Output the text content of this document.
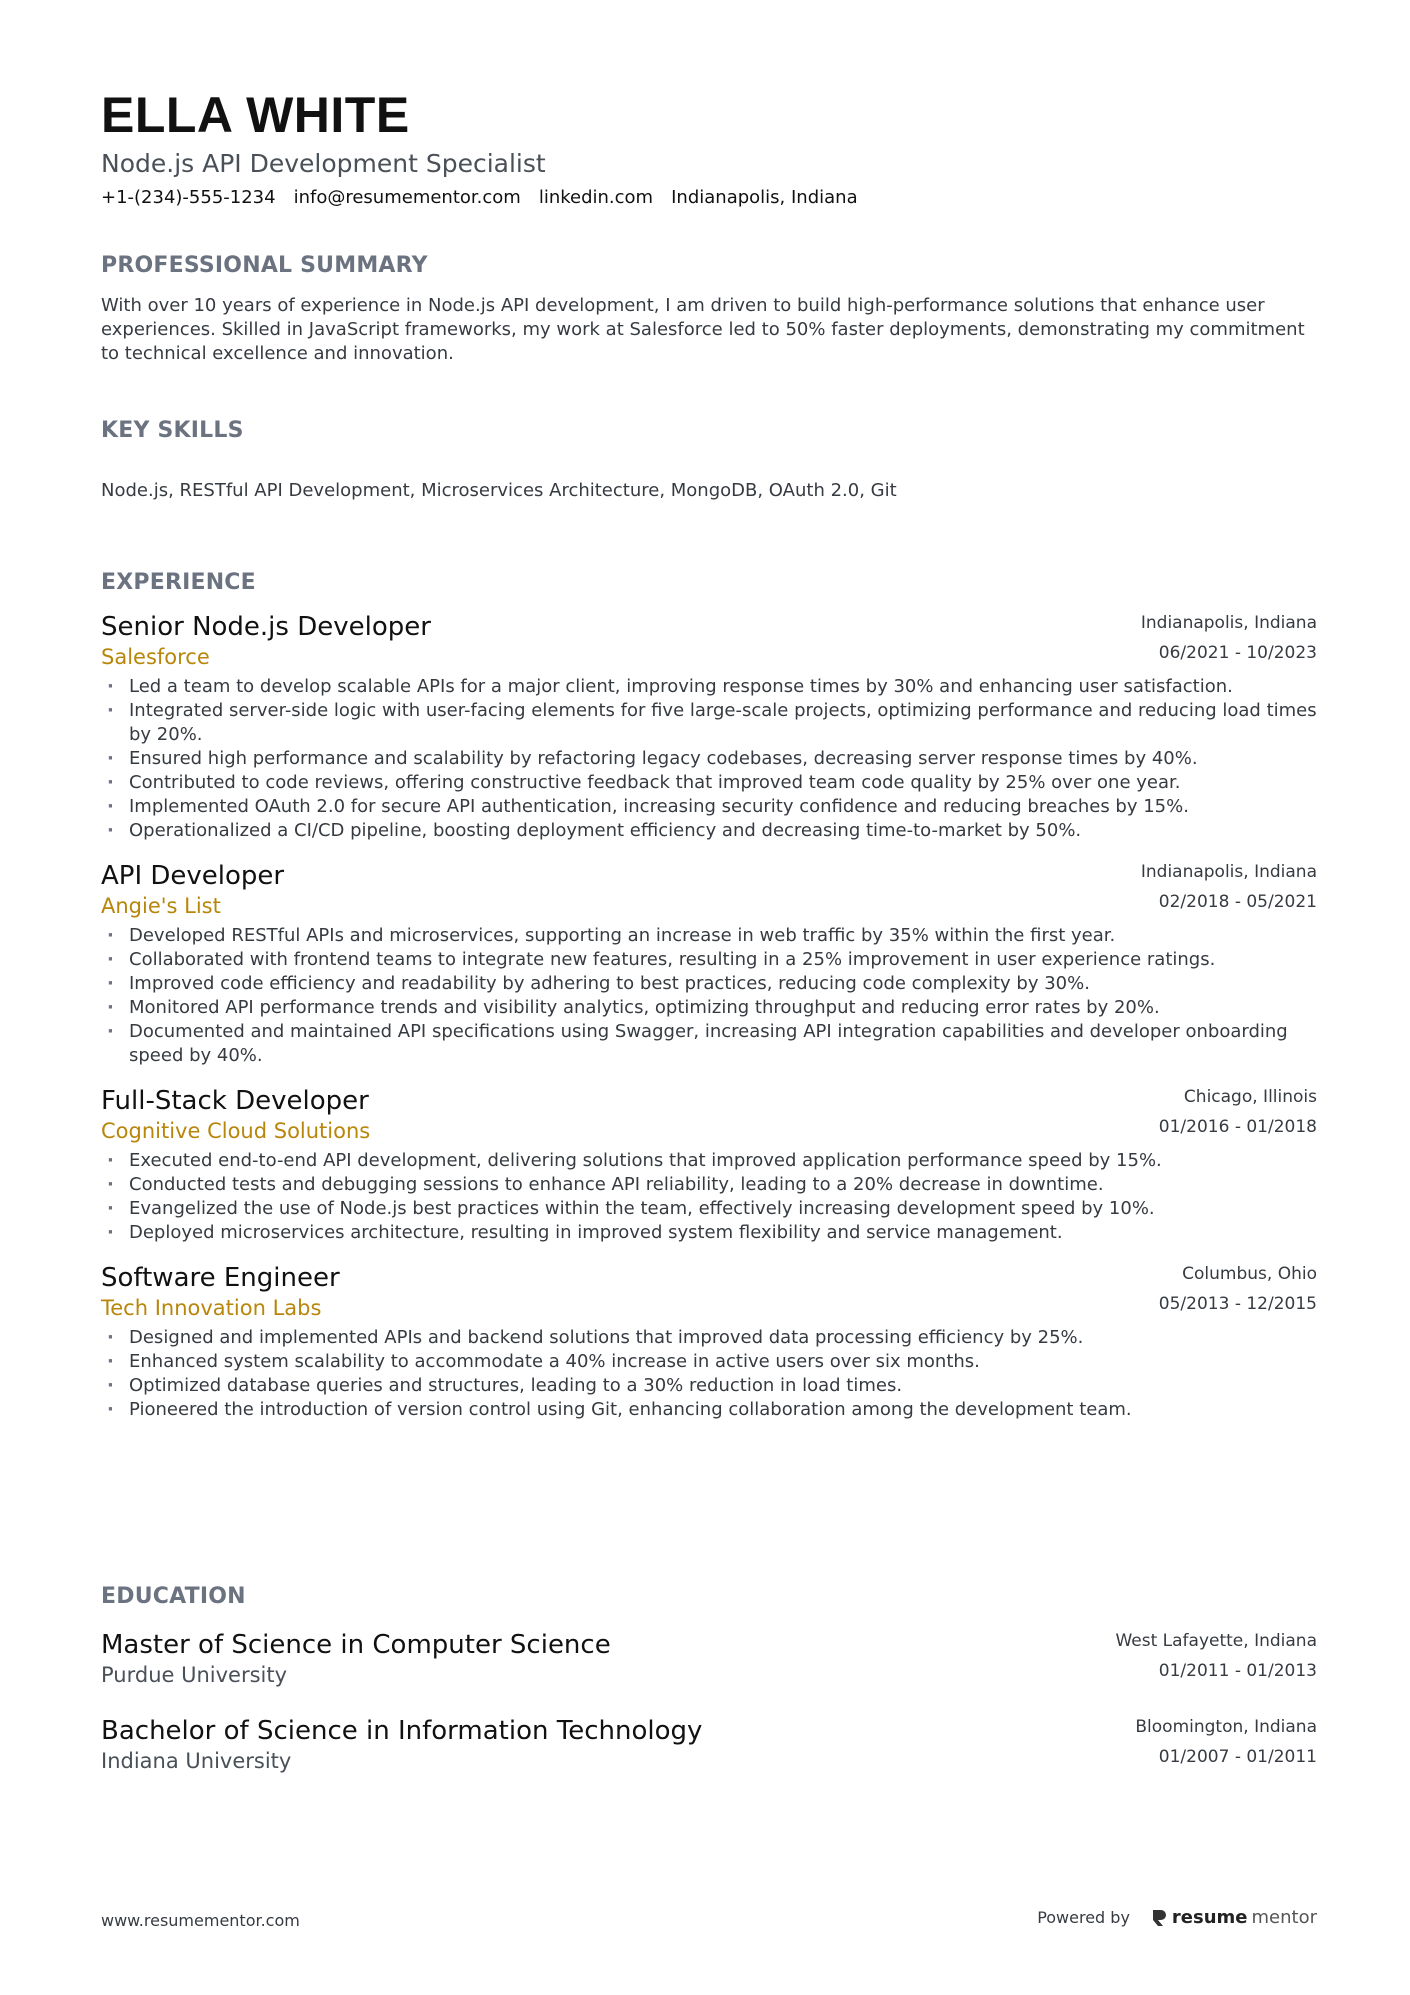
ELLA WHITE
Node.js API Development Specialist
+1-(234)-555-1234 info@resumementor.com linkedin.com Indianapolis, Indiana
PROFESSIONAL SUMMARY

With over 10 years of experience in Node.js API development, I am driven to build high-performance solutions that enhance user experiences. Skilled in JavaScript frameworks, my work at Salesforce led to 50% faster deployments, demonstrating my commitment to technical excellence and innovation.

KEY SKILLS

Node.js, RESTful API Development, Microservices Architecture, MongoDB, OAuth 2.0, Git

EXPERIENCE
Senior Node.js Developer
Salesforce
Indianapolis, Indiana
06/2021 - 10/2023
· Led a team to develop scalable APIs for a major client, improving response times by 30% and enhancing user satisfaction.
· Integrated server-side logic with user-facing elements for five large-scale projects, optimizing performance and reducing load times by 20%.
· Ensured high performance and scalability by refactoring legacy codebases, decreasing server response times by 40%.
· Contributed to code reviews, offering constructive feedback that improved team code quality by 25% over one year.
· Implemented OAuth 2.0 for secure API authentication, increasing security confidence and reducing breaches by 15%.
· Operationalized a CI/CD pipeline, boosting deployment efficiency and decreasing time-to-market by 50%.
API Developer
Angie's List
Indianapolis, Indiana
02/2018 - 05/2021
· Developed RESTful APIs and microservices, supporting an increase in web traffic by 35% within the first year.
· Collaborated with frontend teams to integrate new features, resulting in a 25% improvement in user experience ratings.
· Improved code efficiency and readability by adhering to best practices, reducing code complexity by 30%.
· Monitored API performance trends and visibility analytics, optimizing throughput and reducing error rates by 20%.
· Documented and maintained API specifications using Swagger, increasing API integration capabilities and developer onboarding speed by 40%.
Full-Stack Developer
Cognitive Cloud Solutions
Chicago, Illinois
01/2016 - 01/2018
· Executed end-to-end API development, delivering solutions that improved application performance speed by 15%.
· Conducted tests and debugging sessions to enhance API reliability, leading to a 20% decrease in downtime.
· Evangelized the use of Node.js best practices within the team, effectively increasing development speed by 10%.
· Deployed microservices architecture, resulting in improved system flexibility and service management.
Software Engineer
Tech Innovation Labs
Columbus, Ohio
05/2013 - 12/2015
· Designed and implemented APIs and backend solutions that improved data processing efficiency by 25%.
· Enhanced system scalability to accommodate a 40% increase in active users over six months.
· Optimized database queries and structures, leading to a 30% reduction in load times.
· Pioneered the introduction of version control using Git, enhancing collaboration among the development team.
EDUCATION
Master of Science in Computer Science
Purdue University
West Lafayette, Indiana
01/2011 - 01/2013
Bachelor of Science in Information Technology
Indiana University
Bloomington, Indiana
01/2007 - 01/2011
www.resumementor.com	Powered by resume mentor
